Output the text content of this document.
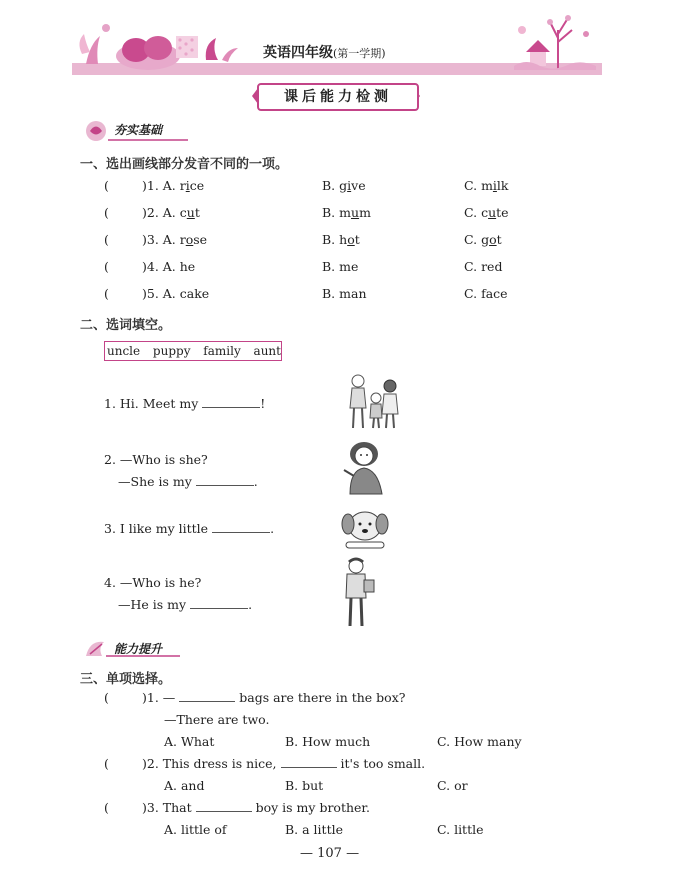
英语四年级(第一学期)
课后能力检测
夯实基础
一、选出画线部分发音不同的一项。
(	)1. A. rice	B. give	C. milk
(	)2. A. cut	B. mum	C. cute
(	)3. A. rose	B. hot	C. got
(	)4. A. he	B. me	C. red
(	)5. A. cake	B. man	C. face
二、选词填空。
uncle puppy family aunt
1. Hi. Meet my	!
2. —Who is she?
—She is my	.
3. I like my little	.
4. —Who is he?
—He is my	.
能力提升
三、单项选择。
(	)1. —	bags are there in the box?
—There are two.
A. What	B. How much	C. How many
(	)2. This dress is nice,	it's too small.
A. and	B. but	C. or
(	)3. That	boy is my brother.
A. little of	B. a little	C. little
— 107 —
